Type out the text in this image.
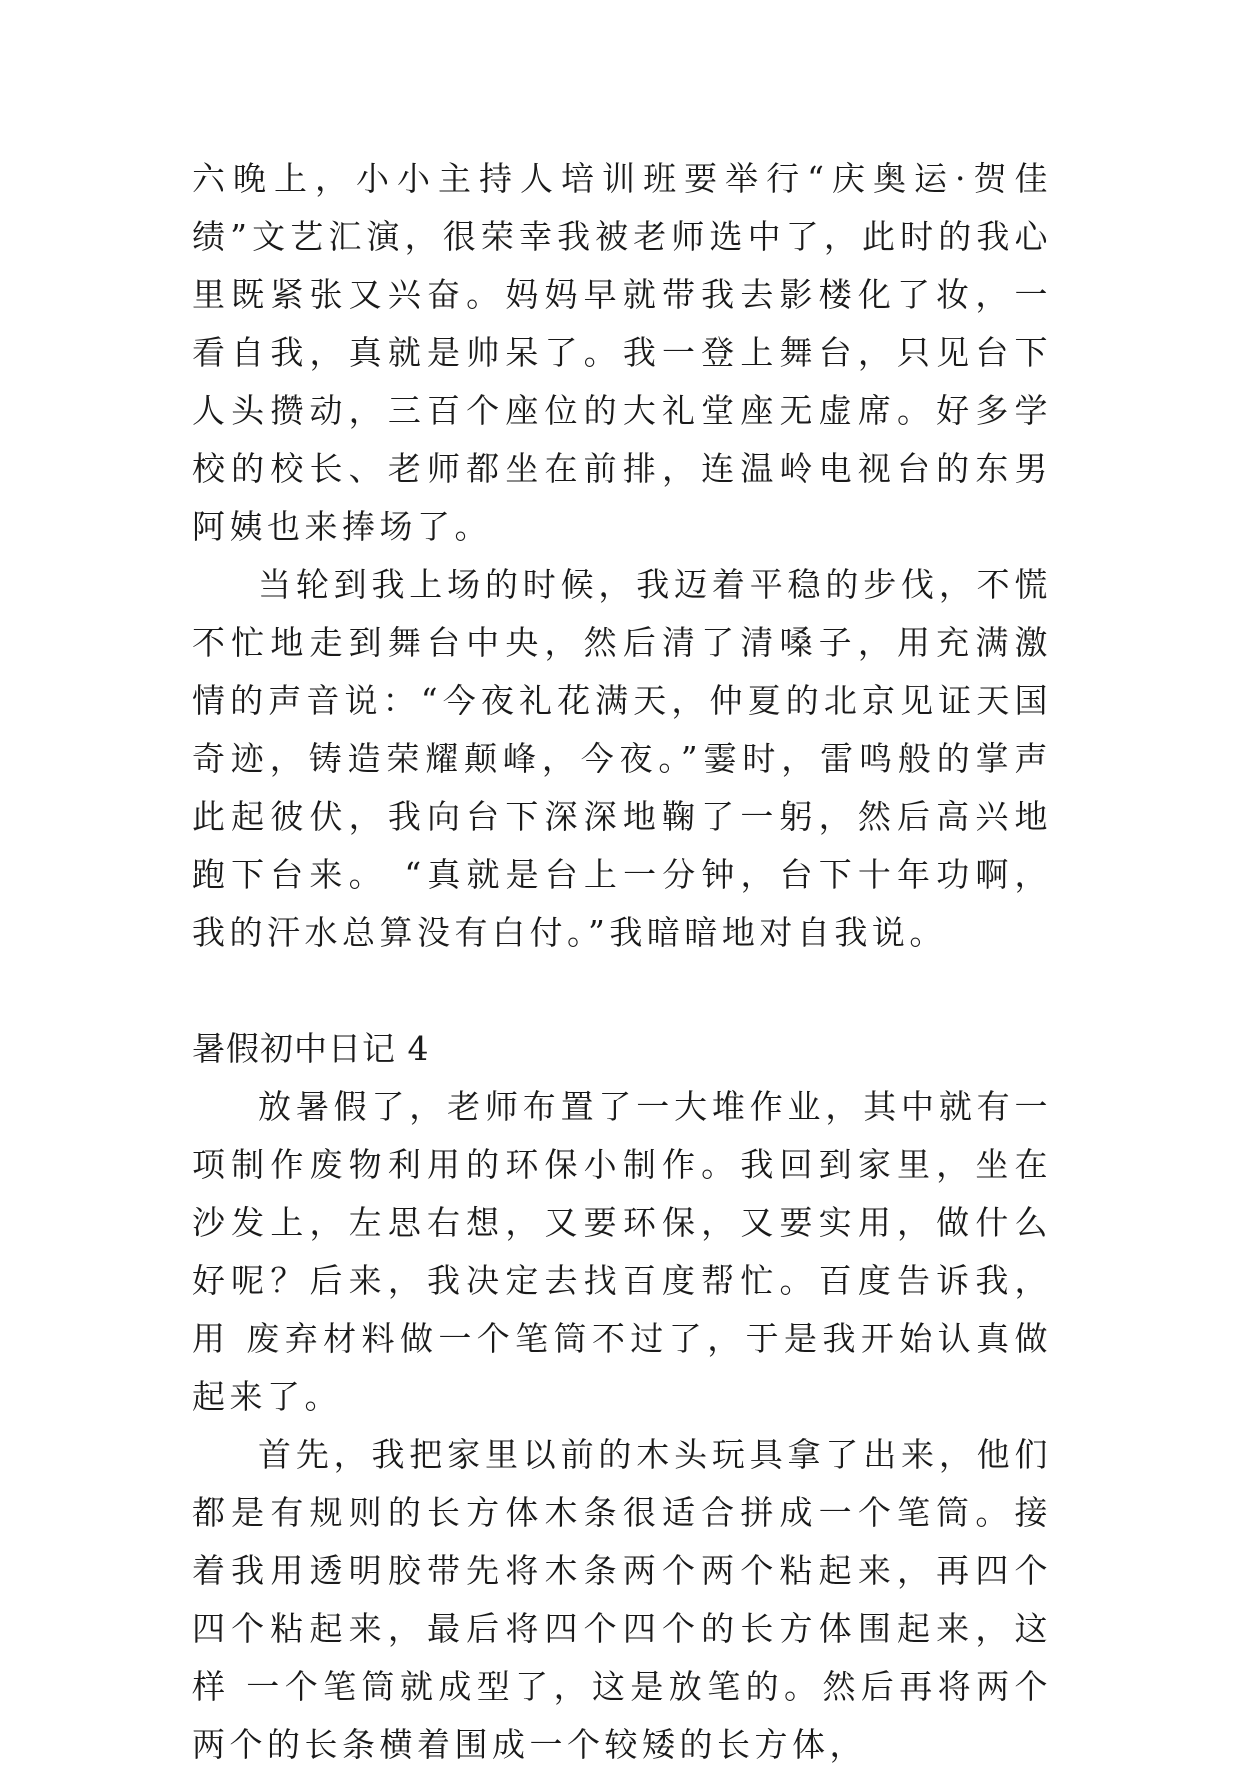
六晚上，小小主持人培训班要举行“庆奥运·贺佳绩”文艺汇演，很荣幸我被老师选中了，此时的我心里既紧张又兴奋。妈妈早就带我去影楼化了妆，一看自我，真就是帅呆了。我一登上舞台，只见台下人头攒动，三百个座位的大礼堂座无虚席。好多学校的校长、老师都坐在前排，连温岭电视台的东男阿姨也来捧场了。

当轮到我上场的时候，我迈着平稳的步伐，不慌不忙地走到舞台中央，然后清了清嗓子，用充满激情的声音说：“今夜礼花满天，仲夏的北京见证天国奇迹，铸造荣耀颠峰，今夜。”霎时，雷鸣般的掌声此起彼伏，我向台下深深地鞠了一躬，然后高兴地跑下台来。 “真就是台上一分钟，台下十年功啊，我的汗水总算没有白付。”我暗暗地对自我说。

暑假初中日记 4

放暑假了，老师布置了一大堆作业，其中就有一项制作废物利用的环保小制作。我回到家里，坐在沙发上，左思右想，又要环保，又要实用，做什么好呢？后来，我决定去找百度帮忙。百度告诉我，用 废弃材料做一个笔筒不过了，于是我开始认真做起来了。

首先，我把家里以前的木头玩具拿了出来，他们都是有规则的长方体木条很适合拼成一个笔筒。接着我用透明胶带先将木条两个两个粘起来，再四个四个粘起来，最后将四个四个的长方体围起来，这样 一个笔筒就成型了，这是放笔的。然后再将两个两个的长条横着围成一个较矮的长方体，
